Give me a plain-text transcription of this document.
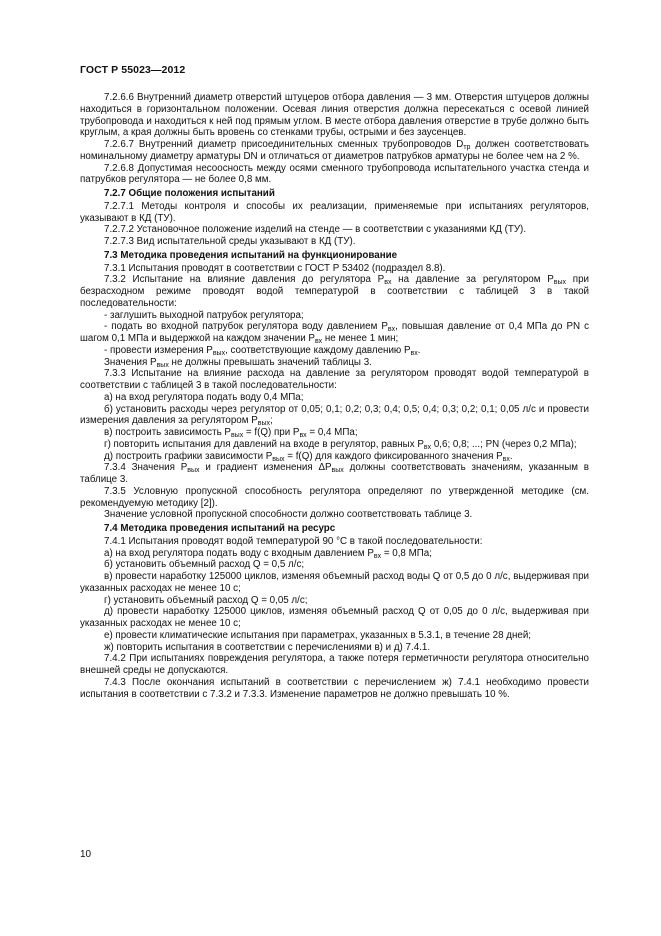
ГОСТ Р 55023—2012

7.2.6.6 Внутренний диаметр отверстий штуцеров отбора давления — 3 мм. Отверстия штуцеров должны находиться в горизонтальном положении. Осевая линия отверстия должна пересекаться с осевой линией трубопровода и находиться к ней под прямым углом. В месте отбора давления отверстие в трубе должно быть круглым, а края должны быть вровень со стенками трубы, острыми и без заусенцев.

7.2.6.7 Внутренний диаметр присоединительных сменных трубопроводов $D_{тр}$ должен соответствовать номинальному диаметру арматуры DN и отличаться от диаметров патрубков арматуры не более чем на 2 %.

7.2.6.8 Допустимая несоосность между осями сменного трубопровода испытательного участка стенда и патрубков регулятора — не более 0,8 мм.

7.2.7 Общие положения испытаний

7.2.7.1 Методы контроля и способы их реализации, применяемые при испытаниях регуляторов, указывают в КД (ТУ).

7.2.7.2 Установочное положение изделий на стенде — в соответствии с указаниями КД (ТУ).

7.2.7.3 Вид испытательной среды указывают в КД (ТУ).

7.3 Методика проведения испытаний на функционирование

7.3.1 Испытания проводят в соответствии с ГОСТ Р 53402 (подраздел 8.8).

7.3.2 Испытание на влияние давления до регулятора $P_{вх}$ на давление за регулятором $P_{вых}$ при безрасходном режиме проводят водой температурой в соответствии с таблицей 3 в такой последовательности:

- заглушить выходной патрубок регулятора;

- подать во входной патрубок регулятора воду давлением $P_{вх}$, повышая давление от 0,4 МПа до PN с шагом 0,1 МПа и выдержкой на каждом значении $P_{вх}$ не менее 1 мин;

- провести измерения $P_{вых}$, соответствующие каждому давлению $P_{вх}$.

Значения $P_{вых}$ не должны превышать значений таблицы 3.

7.3.3 Испытание на влияние расхода на давление за регулятором проводят водой температурой в соответствии с таблицей 3 в такой последовательности:

а) на вход регулятора подать воду 0,4 МПа;

б) установить расходы через регулятор от 0,05; 0,1; 0,2; 0,3; 0,4; 0,5; 0,4; 0,3; 0,2; 0,1; 0,05 л/с и провести измерения давления за регулятором $P_{вых}$;

в) построить зависимость $P_{вых} = f(Q)$ при $P_{вх} = 0,4$ МПа;

г) повторить испытания для давлений на входе в регулятор, равных $P_{вх}$ 0,6; 0,8; ...; PN (через 0,2 МПа);

д) построить графики зависимости $P_{вых} = f(Q)$ для каждого фиксированного значения $P_{вх}$.

7.3.4 Значения $P_{вых}$ и градиент изменения $\Delta P_{вых}$ должны соответствовать значениям, указанным в таблице 3.

7.3.5 Условную пропускной способность регулятора определяют по утвержденной методике (см. рекомендуемую методику [2]).

Значение условной пропускной способности должно соответствовать таблице 3.

7.4 Методика проведения испытаний на ресурс

7.4.1 Испытания проводят водой температурой 90 °С в такой последовательности:

а) на вход регулятора подать воду с входным давлением $P_{вх} = 0,8$ МПа;

б) установить объемный расход Q = 0,5 л/с;

в) провести наработку 125000 циклов, изменяя объемный расход воды Q от 0,5 до 0 л/с, выдерживая при указанных расходах не менее 10 с;

г) установить объемный расход Q = 0,05 л/с;

д) провести наработку 125000 циклов, изменяя объемный расход Q от 0,05 до 0 л/с, выдерживая при указанных расходах не менее 10 с;

е) провести климатические испытания при параметрах, указанных в 5.3.1, в течение 28 дней;

ж) повторить испытания в соответствии с перечислениями в) и д) 7.4.1.

7.4.2 При испытаниях повреждения регулятора, а также потеря герметичности регулятора относительно внешней среды не допускаются.

7.4.3 После окончания испытаний в соответствии с перечислением ж) 7.4.1 необходимо провести испытания в соответствии с 7.3.2 и 7.3.3. Изменение параметров не должно превышать 10 %.

10
